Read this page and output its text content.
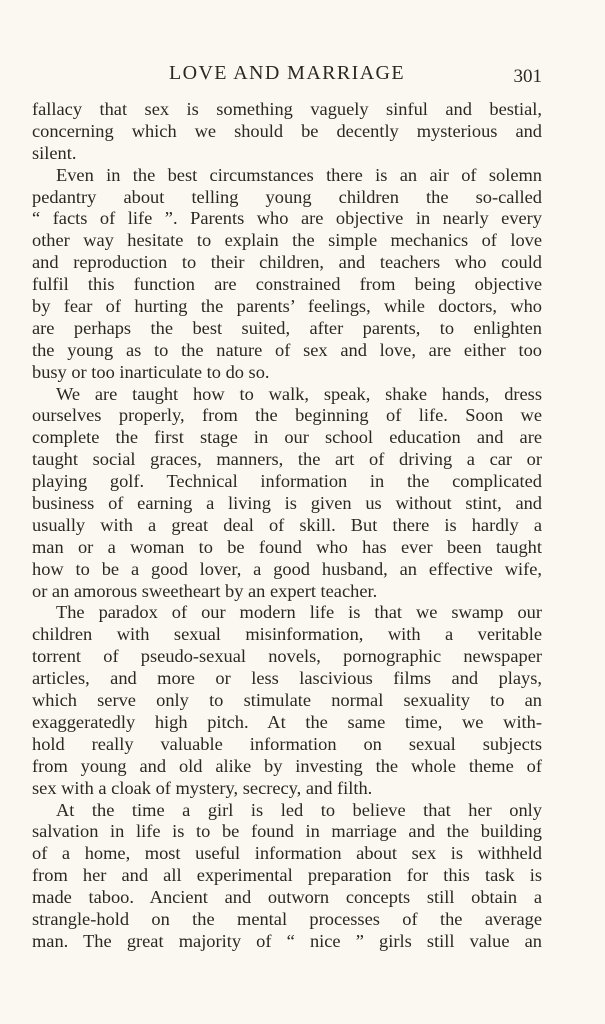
LOVE AND MARRIAGE	301
fallacy that sex is something vaguely sinful and bestial,
concerning which we should be decently mysterious and
silent.
Even in the best circumstances there is an air of solemn
pedantry about telling young children the so-called
“ facts of life ”. Parents who are objective in nearly every
other way hesitate to explain the simple mechanics of love
and reproduction to their children, and teachers who could
fulfil this function are constrained from being objective
by fear of hurting the parents’ feelings, while doctors, who
are perhaps the best suited, after parents, to enlighten
the young as to the nature of sex and love, are either too
busy or too inarticulate to do so.
We are taught how to walk, speak, shake hands, dress
ourselves properly, from the beginning of life. Soon we
complete the first stage in our school education and are
taught social graces, manners, the art of driving a car or
playing golf. Technical information in the complicated
business of earning a living is given us without stint, and
usually with a great deal of skill. But there is hardly a
man or a woman to be found who has ever been taught
how to be a good lover, a good husband, an effective wife,
or an amorous sweetheart by an expert teacher.
The paradox of our modern life is that we swamp our
children with sexual misinformation, with a veritable
torrent of pseudo-sexual novels, pornographic newspaper
articles, and more or less lascivious films and plays,
which serve only to stimulate normal sexuality to an
exaggeratedly high pitch. At the same time, we with-
hold really valuable information on sexual subjects
from young and old alike by investing the whole theme of
sex with a cloak of mystery, secrecy, and filth.
At the time a girl is led to believe that her only
salvation in life is to be found in marriage and the building
of a home, most useful information about sex is withheld
from her and all experimental preparation for this task is
made taboo. Ancient and outworn concepts still obtain a
strangle-hold on the mental processes of the average
man. The great majority of “ nice ” girls still value an
